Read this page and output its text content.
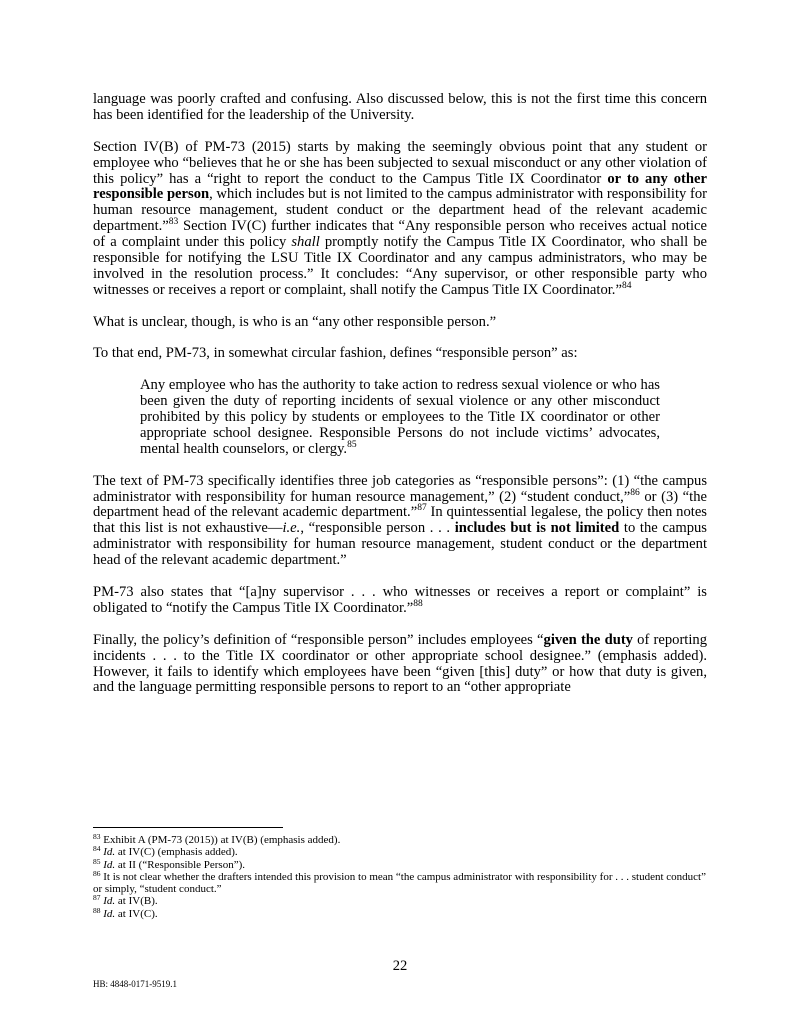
language was poorly crafted and confusing. Also discussed below, this is not the first time this concern has been identified for the leadership of the University.

Section IV(B) of PM-73 (2015) starts by making the seemingly obvious point that any student or employee who “believes that he or she has been subjected to sexual misconduct or any other violation of this policy” has a “right to report the conduct to the Campus Title IX Coordinator or to any other responsible person, which includes but is not limited to the campus administrator with responsibility for human resource management, student conduct or the department head of the relevant academic department.”$^{83}$ Section IV(C) further indicates that “Any responsible person who receives actual notice of a complaint under this policy shall promptly notify the Campus Title IX Coordinator, who shall be responsible for notifying the LSU Title IX Coordinator and any campus administrators, who may be involved in the resolution process.” It concludes: “Any supervisor, or other responsible party who witnesses or receives a report or complaint, shall notify the Campus Title IX Coordinator.”$^{84}$

What is unclear, though, is who is an “any other responsible person.”

To that end, PM-73, in somewhat circular fashion, defines “responsible person” as:

Any employee who has the authority to take action to redress sexual violence or who has been given the duty of reporting incidents of sexual violence or any other misconduct prohibited by this policy by students or employees to the Title IX coordinator or other appropriate school designee. Responsible Persons do not include victims’ advocates, mental health counselors, or clergy.$^{85}$

The text of PM-73 specifically identifies three job categories as “responsible persons”: (1) “the campus administrator with responsibility for human resource management,” (2) “student conduct,”$^{86}$ or (3) “the department head of the relevant academic department.”$^{87}$ In quintessential legalese, the policy then notes that this list is not exhaustive—i.e., “responsible person . . . includes but is not limited to the campus administrator with responsibility for human resource management, student conduct or the department head of the relevant academic department.”

PM-73 also states that “[a]ny supervisor . . . who witnesses or receives a report or complaint” is obligated to “notify the Campus Title IX Coordinator.”$^{88}$

Finally, the policy’s definition of “responsible person” includes employees “given the duty of reporting incidents . . . to the Title IX coordinator or other appropriate school designee.” (emphasis added). However, it fails to identify which employees have been “given [this] duty” or how that duty is given, and the language permitting responsible persons to report to an “other appropriate

$^{83}$ Exhibit A (PM-73 (2015)) at IV(B) (emphasis added).
$^{84}$ Id. at IV(C) (emphasis added).
$^{85}$ Id. at II (“Responsible Person”).
$^{86}$ It is not clear whether the drafters intended this provision to mean “the campus administrator with responsibility for . . . student conduct” or simply, “student conduct.”
$^{87}$ Id. at IV(B).
$^{88}$ Id. at IV(C).
22
HB: 4848-0171-9519.1
